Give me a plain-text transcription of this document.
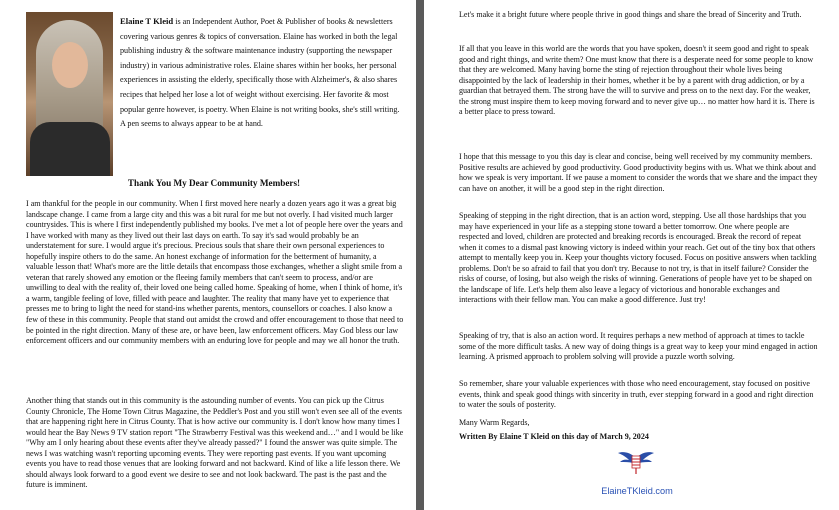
Elaine T Kleid is an Independent Author, Poet & Publisher of books & newsletters covering various genres & topics of conversation. Elaine has worked in both the legal publishing industry & the software maintenance industry (supporting the newspaper industry) in various administrative roles. Elaine shares within her books, her personal experiences in assisting the elderly, specifically those with Alzheimer's, & also shares recipes that helped her lose a lot of weight without exercising. Her favorite & most popular genre however, is poetry. When Elaine is not writing books, she's still writing. A pen seems to always appear to be at hand.
Thank You My Dear Community Members!

I am thankful for the people in our community. When I first moved here nearly a dozen years ago it was a great big landscape change. I came from a large city and this was a bit rural for me but not overly. I had visited much larger countrysides. This is where I first independently published my books. I've met a lot of people here over the years and I have worked with many as they lived out their last days on earth. To say it's sad would probably be an understatement for sure. I would argue it's precious. Precious souls that share their own personal experiences to hopefully inspire others to do the same. An honest exchange of information for the betterment of humanity, a valuable lesson that! What's more are the little details that encompass those exchanges, whether a slight smile from a veteran that rarely showed any emotion or the fleeing family members that can't seem to process, and/or are unwilling to deal with the reality of, their loved one being called home. Speaking of home, when I think of home, it's a warm, tangible feeling of love, filled with peace and laughter. The reality that many have yet to experience that presses me to bring to light the need for stand-ins whether parents, mentors, counsellors or coaches. I also know a few of these in this community. People that stand out amidst the crowd and offer encouragement to those that need to be pointed in the right direction. Many of these are, or have been, law enforcement officers. May God bless our law enforcement officers and our community members with an enduring love for people and may we all honor the truth.

Another thing that stands out in this community is the astounding number of events. You can pick up the Citrus County Chronicle, The Home Town Citrus Magazine, the Peddler's Post and you still won't even see all of the events that are happening right here in Citrus County. That is how active our community is. I don't know how many times I would hear the Bay News 9 TV station report "The Strawberry Festival was this weekend and…" and I would be like "Why am I only hearing about these events after they've already passed?" I found the answer was quite simple. The news I was watching wasn't reporting upcoming events. They were reporting past events. If you want upcoming events you have to read those venues that are looking forward and not backward. Kind of like a life lesson there. We should always look forward to a good event we desire to see and not look backward. The past is the past and the future is imminent.

Let's make it a bright future where people thrive in good things and share the bread of Sincerity and Truth.

If all that you leave in this world are the words that you have spoken, doesn't it seem good and right to speak good and right things, and write them? One must know that there is a desperate need for some people to know that they are welcomed. Many having borne the sting of rejection throughout their whole lives being disappointed by the lack of leadership in their homes, whether it be by a parent with drug addiction, or by a guardian that betrayed them. The strong have the will to survive and press on to the next day. For the weaker, the strong must inspire them to keep moving forward and to never give up… no matter how hard it is. There is a better place to press toward.

I hope that this message to you this day is clear and concise, being well received by my community members. Positive results are achieved by good productivity. Good productivity begins with us. What we think about and how we speak is very important. If we pause a moment to consider the words that we share and the impact they can have on another, it will be a good step in the right direction.

Speaking of stepping in the right direction, that is an action word, stepping. Use all those hardships that you may have experienced in your life as a stepping stone toward a better tomorrow. One where people are respected and loved, children are protected and breaking records is encouraged. Break the record of repeat when it comes to a dismal past knowing victory is indeed within your reach. Get out of the tiny box that others attempt to mentally keep you in. Keep your thoughts victory focused. Focus on positive answers when tackling problems. Don't be so afraid to fail that you don't try. Because to not try, is that in itself failure? Consider the risks of course, of losing, but also weigh the risks of winning. Generations of people have yet to be shaped on the landscape of life. Let's help them also leave a legacy of victorious and honorable exchanges and interactions with their fellow man. You can make a good difference. Just try!

Speaking of try, that is also an action word. It requires perhaps a new method of approach at times to tackle some of the more difficult tasks. A new way of doing things is a great way to keep your mind engaged in action learning. A prismed approach to problem solving will provide a puzzle worth solving.

So remember, share your valuable experiences with those who need encouragement, stay focused on positive events, think and speak good things with sincerity in truth, ever stepping forward in a good and right direction to water the souls of posterity.

Many Warm Regards,

Written By Elaine T Kleid on this day of March 9, 2024

ElaineTKleid.com
